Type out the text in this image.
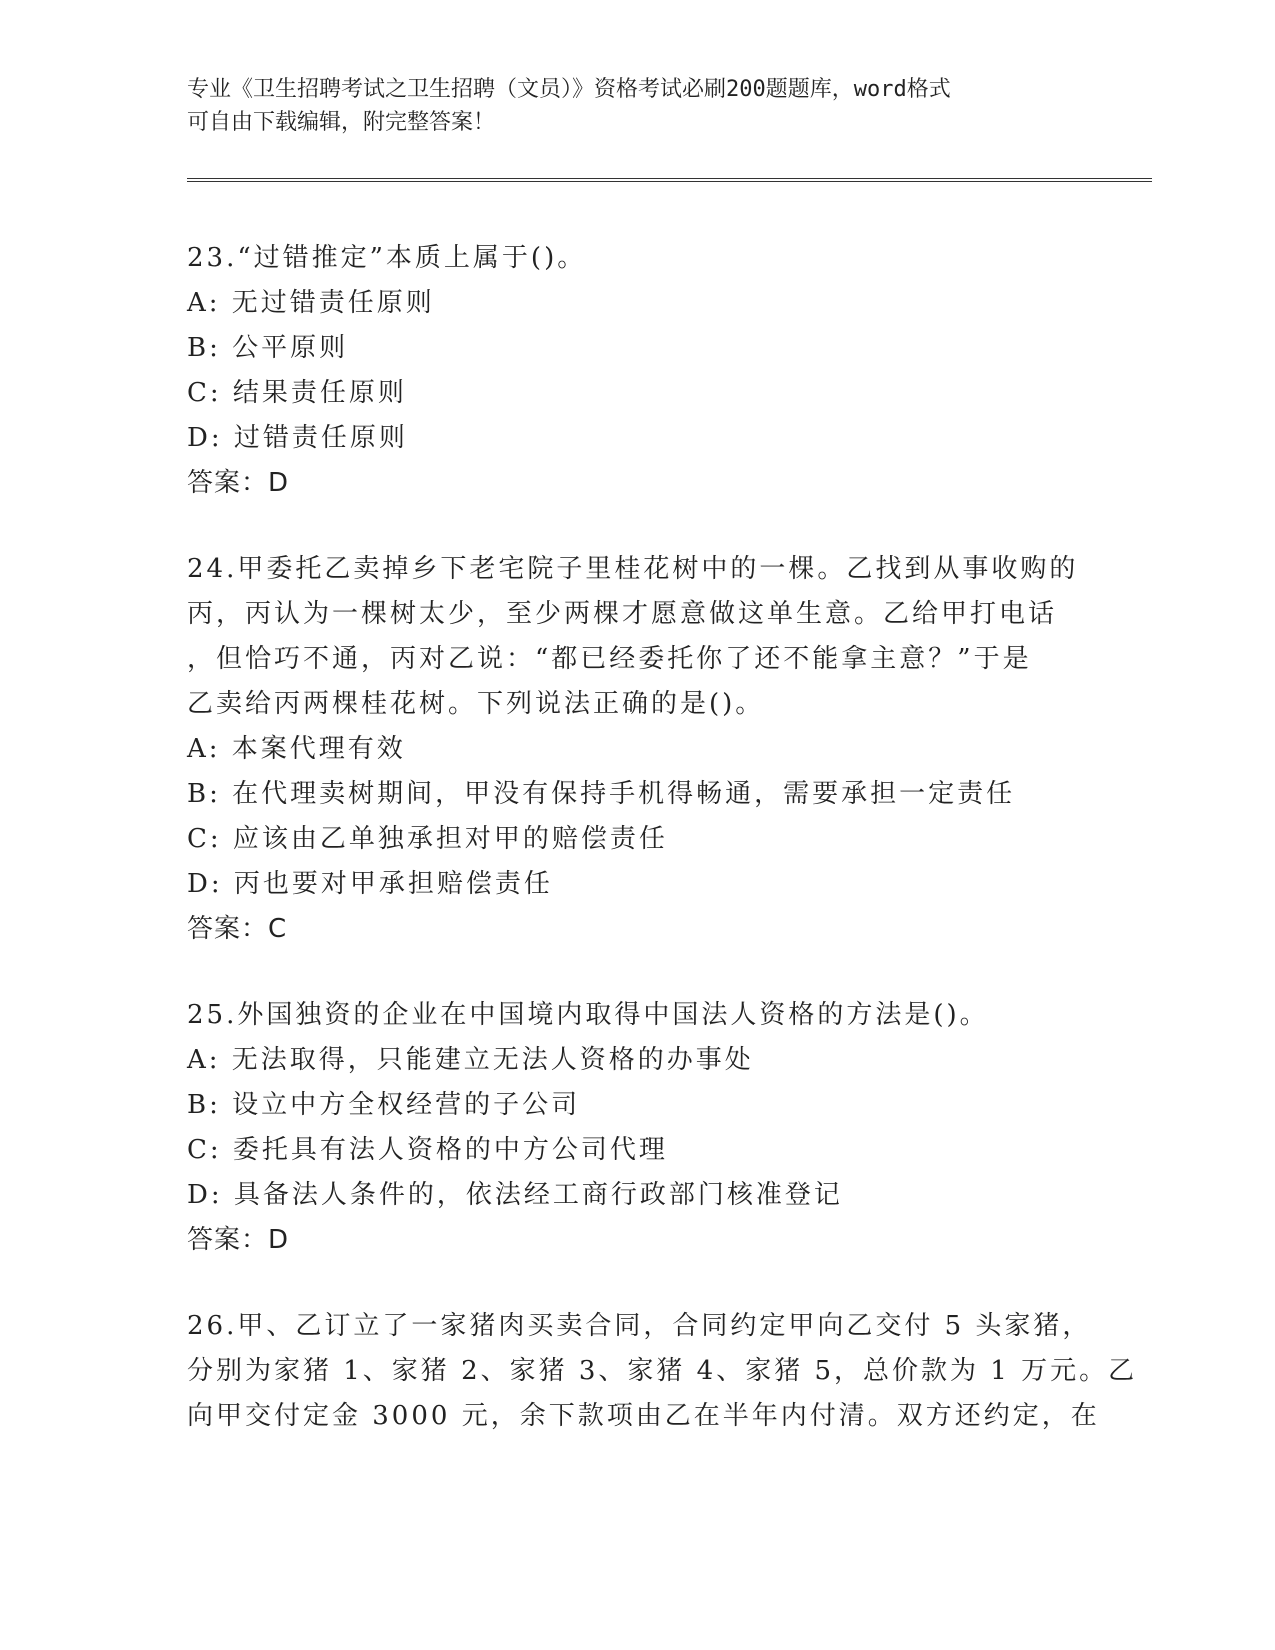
专业《卫生招聘考试之卫生招聘（文员）》资格考试必刷200题题库，word格式
可自由下载编辑，附完整答案！
23.“过错推定”本质上属于()。
A: 无过错责任原则
B: 公平原则
C: 结果责任原则
D: 过错责任原则
答案：D
24.甲委托乙卖掉乡下老宅院子里桂花树中的一棵。乙找到从事收购的
丙，丙认为一棵树太少，至少两棵才愿意做这单生意。乙给甲打电话
，但恰巧不通，丙对乙说：“都已经委托你了还不能拿主意？”于是
乙卖给丙两棵桂花树。下列说法正确的是()。
A: 本案代理有效
B: 在代理卖树期间，甲没有保持手机得畅通，需要承担一定责任
C: 应该由乙单独承担对甲的赔偿责任
D: 丙也要对甲承担赔偿责任
答案：C
25.外国独资的企业在中国境内取得中国法人资格的方法是()。
A: 无法取得，只能建立无法人资格的办事处
B: 设立中方全权经营的子公司
C: 委托具有法人资格的中方公司代理
D: 具备法人条件的，依法经工商行政部门核准登记
答案：D
26.甲、乙订立了一家猪肉买卖合同，合同约定甲向乙交付 5 头家猪，
分别为家猪 1、家猪 2、家猪 3、家猪 4、家猪 5，总价款为 1 万元。乙
向甲交付定金 3000 元，余下款项由乙在半年内付清。双方还约定，在
